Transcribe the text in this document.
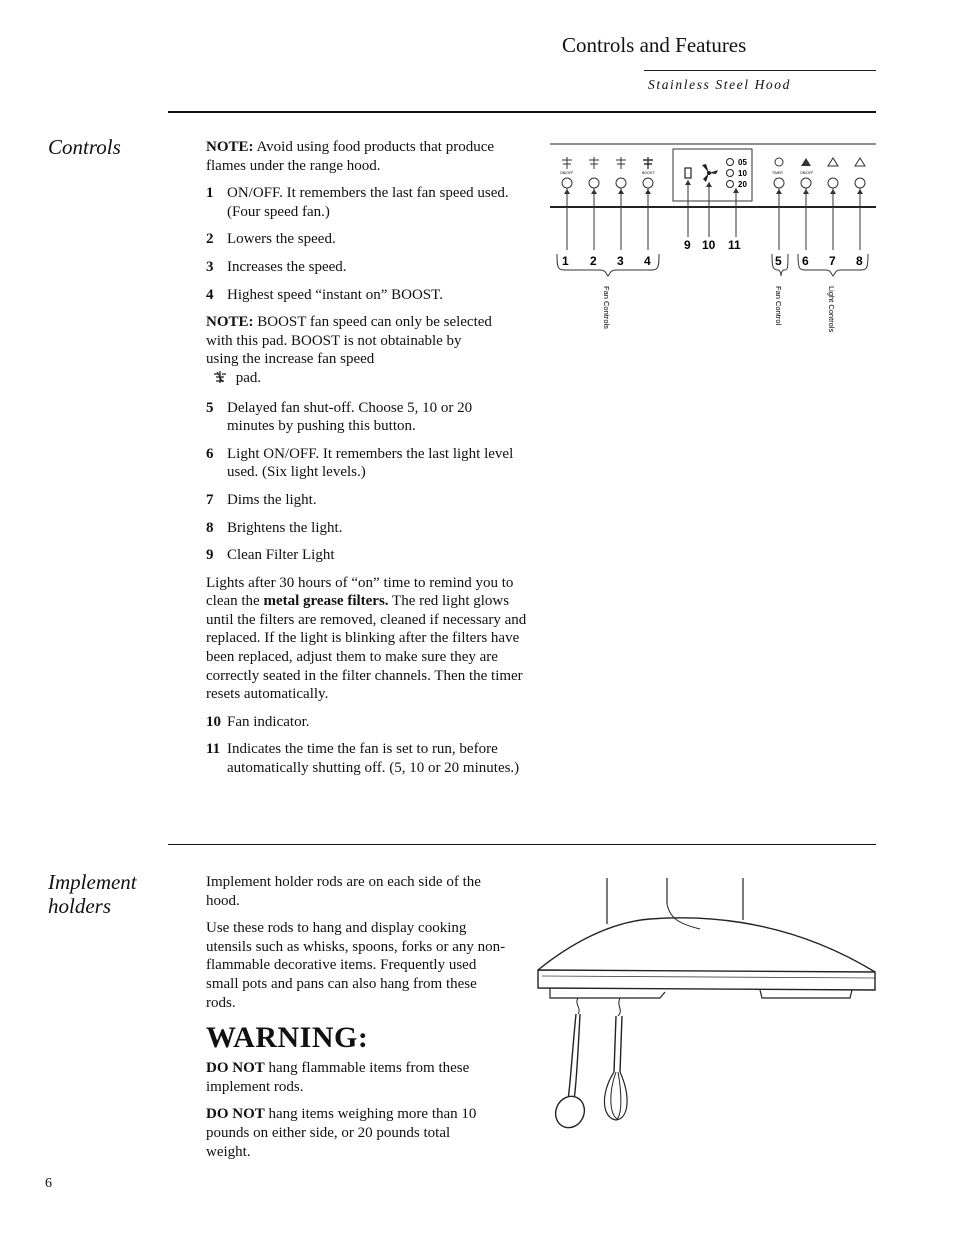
Controls and Features
Stainless Steel Hood
Controls	NOTE: Avoid using food products that produce flames under the range hood.

1 ON/OFF. It remembers the last fan speed used. (Four speed fan.)
2 Lowers the speed.
3 Increases the speed.
4 Highest speed “instant on” BOOST.

NOTE: BOOST fan speed can only be selected with this pad. BOOST is not obtainable by using the increase fan speed
pad.

5 Delayed fan shut-off. Choose 5, 10 or 20 minutes by pushing this button.
6 Light ON/OFF. It remembers the last light level used. (Six light levels.)
7 Dims the light.
8 Brightens the light.
9 Clean Filter Light

Lights after 30 hours of “on” time to remind you to clean the metal grease filters. The red light glows until the filters are removed, cleaned if necessary and replaced. If the light is blinking after the filters have been replaced, adjust them to make sure they are correctly seated in the filter channels. Then the timer resets automatically.

10 Fan indicator.
11 Indicates the time the fan is set to run, before automatically shutting off. (5, 10 or 20 minutes.)
ON/OFF	BOOST
05
10
20
TIMER	ON/OFF
9 10 11
1 2 3 4	5 6 7 8
Fan Controls	Fan Control	Light Controls
Implement
holders

Implement holder rods are on each side of the hood.

Use these rods to hang and display cooking utensils such as whisks, spoons, forks or any non-flammable decorative items. Frequently used small pots and pans can also hang from these rods.

WARNING:

DO NOT hang flammable items from these implement rods.

DO NOT hang items weighing more than 10 pounds on either side, or 20 pounds total weight.

6
